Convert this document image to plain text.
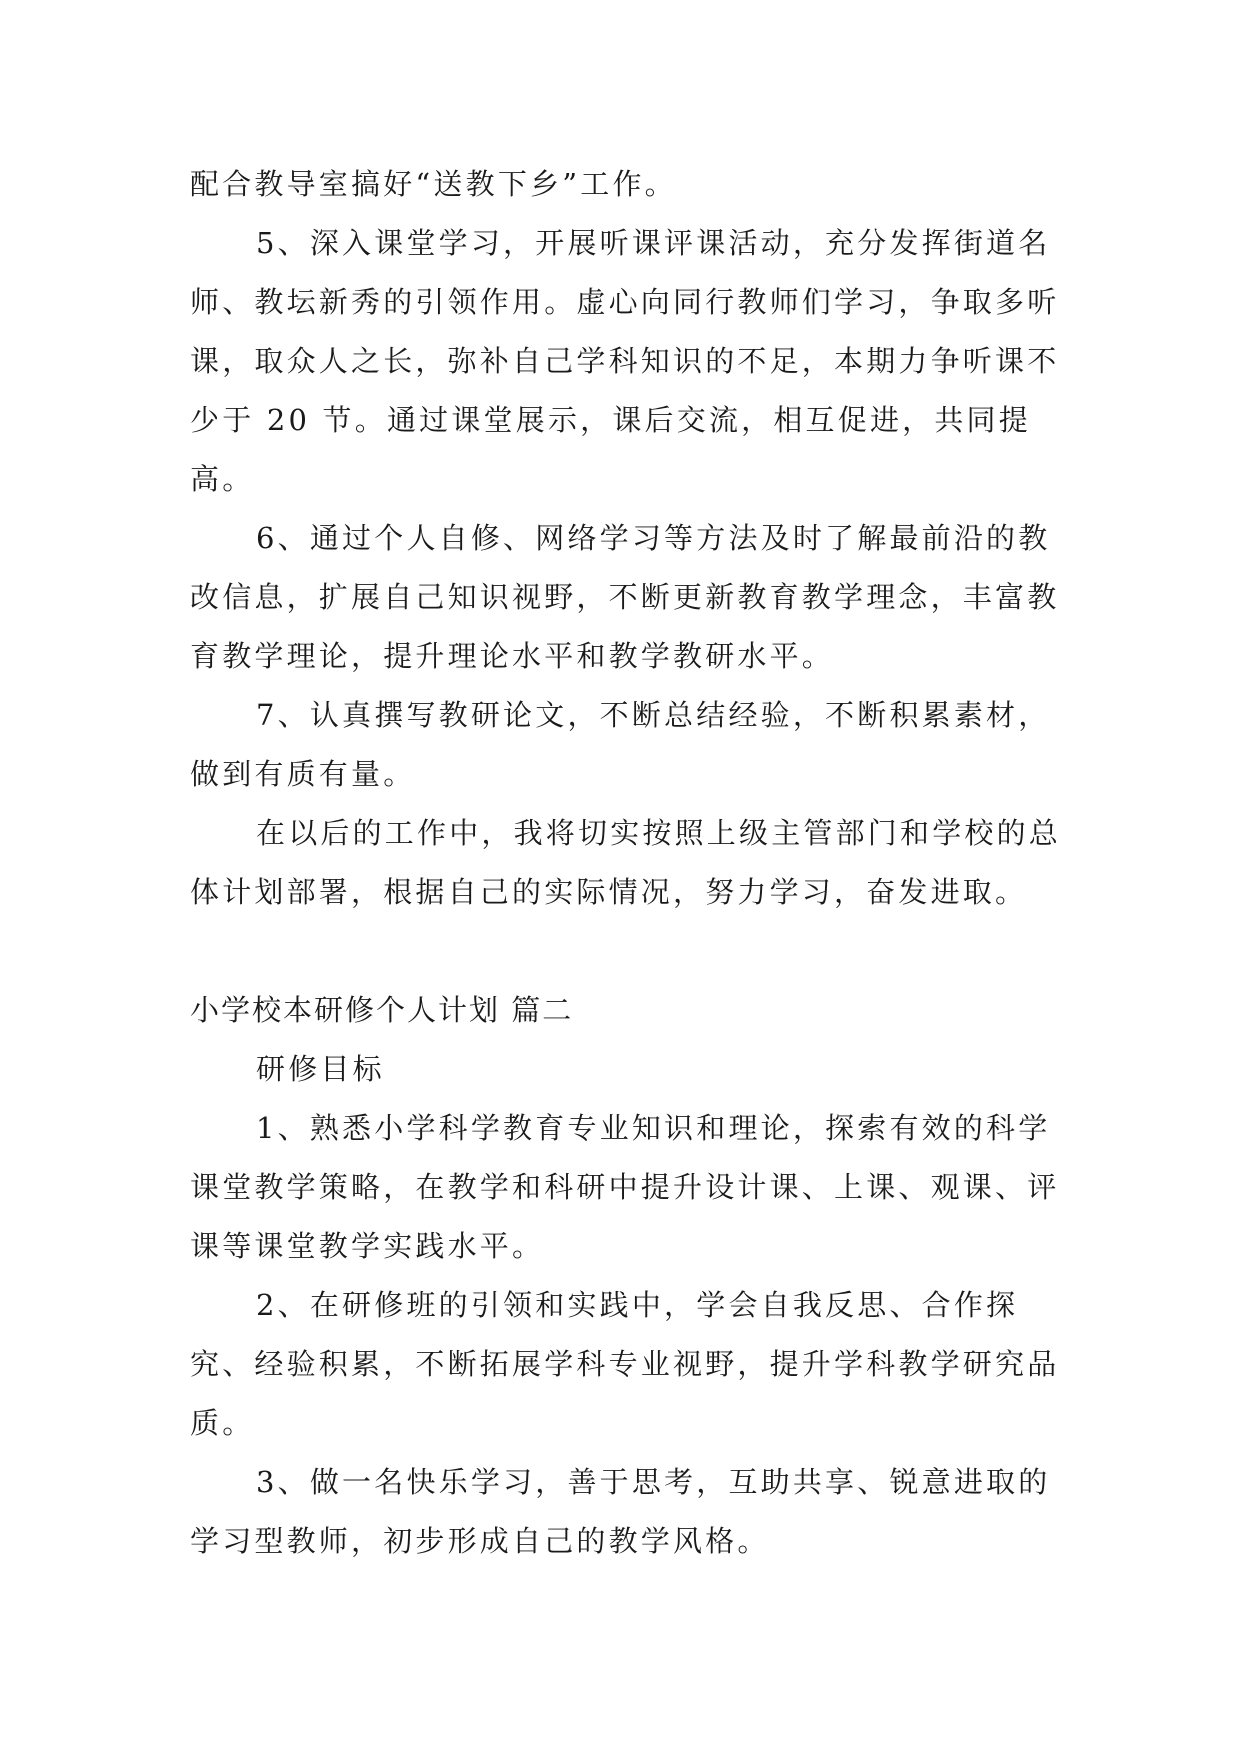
配合教导室搞好“送教下乡”工作。

5、深入课堂学习，开展听课评课活动，充分发挥街道名师、教坛新秀的引领作用。虚心向同行教师们学习，争取多听课，取众人之长，弥补自己学科知识的不足，本期力争听课不少于 20 节。通过课堂展示，课后交流，相互促进，共同提高。

6、通过个人自修、网络学习等方法及时了解最前沿的教改信息，扩展自己知识视野，不断更新教育教学理念，丰富教育教学理论，提升理论水平和教学教研水平。

7、认真撰写教研论文，不断总结经验，不断积累素材，做到有质有量。

在以后的工作中，我将切实按照上级主管部门和学校的总体计划部署，根据自己的实际情况，努力学习，奋发进取。

小学校本研修个人计划 篇二

研修目标

1、熟悉小学科学教育专业知识和理论，探索有效的科学课堂教学策略，在教学和科研中提升设计课、上课、观课、评课等课堂教学实践水平。

2、在研修班的引领和实践中，学会自我反思、合作探究、经验积累，不断拓展学科专业视野，提升学科教学研究品质。

3、做一名快乐学习，善于思考，互助共享、锐意进取的学习型教师，初步形成自己的教学风格。
